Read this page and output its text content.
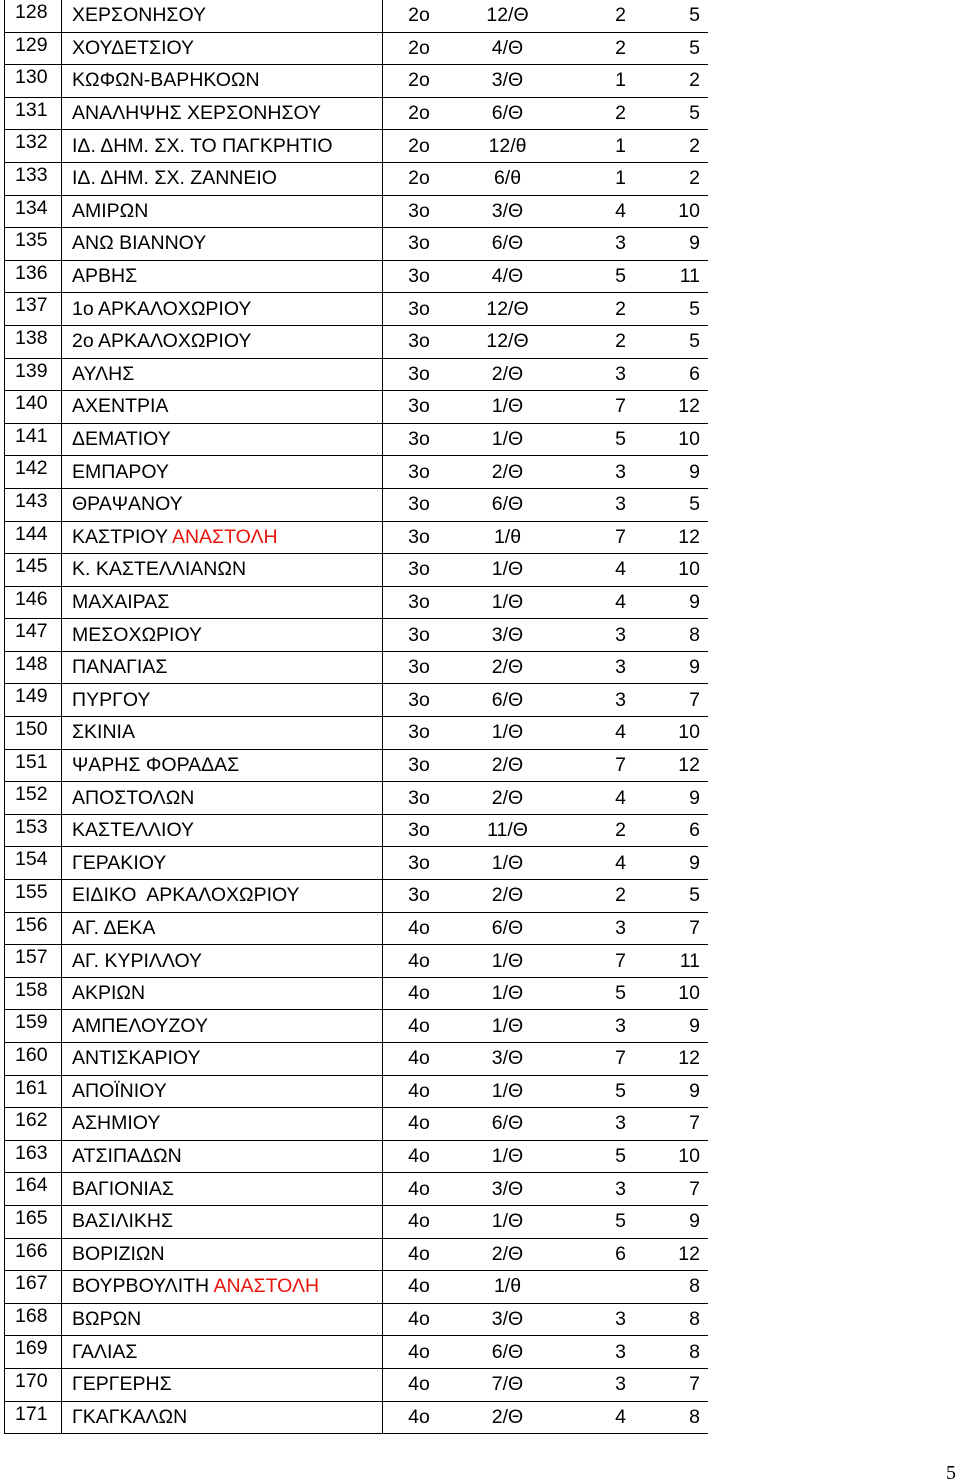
128	ΧΕΡΣΟΝΗΣΟΥ	2ο	12/Θ	2	5
129	ΧΟΥΔΕΤΣΙΟΥ	2ο	4/Θ	2	5
130	ΚΩΦΩΝ-ΒΑΡΗΚΟΩΝ	2ο	3/Θ	1	2
131	ΑΝΑΛΗΨΗΣ ΧΕΡΣΟΝΗΣΟΥ	2ο	6/Θ	2	5
132	ΙΔ. ΔΗΜ. ΣΧ. ΤΟ ΠΑΓΚΡΗΤΙΟ	2ο	12/θ	1	2
133	ΙΔ. ΔΗΜ. ΣΧ. ΖΑΝΝΕΙΟ	2ο	6/θ	1	2
134	ΑΜΙΡΩΝ	3ο	3/Θ	4	10
135	ΑΝΩ ΒΙΑΝΝΟΥ	3ο	6/Θ	3	9
136	ΑΡΒΗΣ	3ο	4/Θ	5	11
137	1ο ΑΡΚΑΛΟΧΩΡΙΟΥ	3ο	12/Θ	2	5
138	2ο ΑΡΚΑΛΟΧΩΡΙΟΥ	3ο	12/Θ	2	5
139	ΑΥΛΗΣ	3ο	2/Θ	3	6
140	ΑΧΕΝΤΡΙΑ	3ο	1/Θ	7	12
141	ΔΕΜΑΤΙΟΥ	3ο	1/Θ	5	10
142	ΕΜΠΑΡΟΥ	3ο	2/Θ	3	9
143	ΘΡΑΨΑΝΟΥ	3ο	6/Θ	3	5
144	ΚΑΣΤΡΙΟΥ ΑΝΑΣΤΟΛΗ	3ο	1/θ	7	12
145	Κ. ΚΑΣΤΕΛΛΙΑΝΩΝ	3ο	1/Θ	4	10
146	ΜΑΧΑΙΡΑΣ	3ο	1/Θ	4	9
147	ΜΕΣΟΧΩΡΙΟΥ	3ο	3/Θ	3	8
148	ΠΑΝΑΓΙΑΣ	3ο	2/Θ	3	9
149	ΠΥΡΓΟΥ	3ο	6/Θ	3	7
150	ΣΚΙΝΙΑ	3ο	1/Θ	4	10
151	ΨΑΡΗΣ ΦΟΡΑΔΑΣ	3ο	2/Θ	7	12
152	ΑΠΟΣΤΟΛΩΝ	3ο	2/Θ	4	9
153	ΚΑΣΤΕΛΛΙΟΥ	3ο	11/Θ	2	6
154	ΓΕΡΑΚΙΟΥ	3ο	1/Θ	4	9
155	ΕΙΔΙΚΟ  ΑΡΚΑΛΟΧΩΡΙΟΥ	3ο	2/Θ	2	5
156	ΑΓ. ΔΕΚΑ	4ο	6/Θ	3	7
157	ΑΓ. ΚΥΡΙΛΛΟΥ	4ο	1/Θ	7	11
158	ΑΚΡΙΩΝ	4ο	1/Θ	5	10
159	ΑΜΠΕΛΟΥΖΟΥ	4ο	1/Θ	3	9
160	ΑΝΤΙΣΚΑΡΙΟΥ	4ο	3/Θ	7	12
161	ΑΠΟΪΝΙΟΥ	4ο	1/Θ	5	9
162	ΑΣΗΜΙΟΥ	4ο	6/Θ	3	7
163	ΑΤΣΙΠΑΔΩΝ	4ο	1/Θ	5	10
164	ΒΑΓΙΟΝΙΑΣ	4ο	3/Θ	3	7
165	ΒΑΣΙΛΙΚΗΣ	4ο	1/Θ	5	9
166	ΒΟΡΙΖΙΩΝ	4ο	2/Θ	6	12
167	ΒΟΥΡΒΟΥΛΙΤΗ ΑΝΑΣΤΟΛΗ	4ο	1/θ		8
168	ΒΩΡΩΝ	4ο	3/Θ	3	8
169	ΓΑΛΙΑΣ	4ο	6/Θ	3	8
170	ΓΕΡΓΕΡΗΣ	4ο	7/Θ	3	7
171	ΓΚΑΓΚΑΛΩΝ	4ο	2/Θ	4	8
5
